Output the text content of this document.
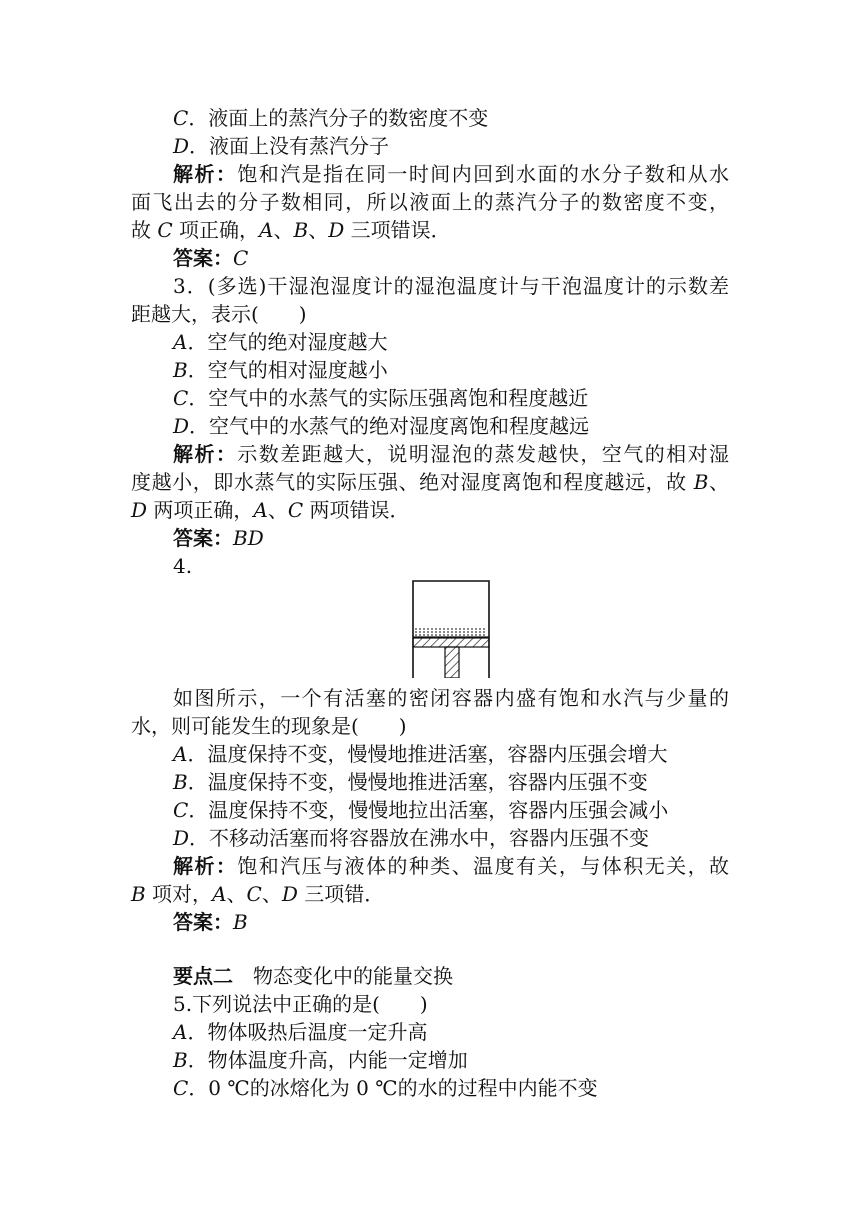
C．液面上的蒸汽分子的数密度不变
D．液面上没有蒸汽分子
解析：饱和汽是指在同一时间内回到水面的水分子数和从水
面飞出去的分子数相同，所以液面上的蒸汽分子的数密度不变，
故 C 项正确，A、B、D 三项错误．
答案：C
3．(多选)干湿泡湿度计的湿泡温度计与干泡温度计的示数差
距越大，表示(　　)
A．空气的绝对湿度越大
B．空气的相对湿度越小
C．空气中的水蒸气的实际压强离饱和程度越近
D．空气中的水蒸气的绝对湿度离饱和程度越远
解析：示数差距越大，说明湿泡的蒸发越快，空气的相对湿
度越小，即水蒸气的实际压强、绝对湿度离饱和程度越远，故 B、
D 两项正确，A、C 两项错误．
答案：BD
4.
如图所示，一个有活塞的密闭容器内盛有饱和水汽与少量的
水，则可能发生的现象是(　　)
A．温度保持不变，慢慢地推进活塞，容器内压强会增大
B．温度保持不变，慢慢地推进活塞，容器内压强不变
C．温度保持不变，慢慢地拉出活塞，容器内压强会减小
D．不移动活塞而将容器放在沸水中，容器内压强不变
解析：饱和汽压与液体的种类、温度有关，与体积无关，故
B 项对，A、C、D 三项错．
答案：B
要点二　 物态变化中的能量交换
5.下列说法中正确的是(　　)
A．物体吸热后温度一定升高
B．物体温度升高，内能一定增加
C．0 ℃的冰熔化为 0 ℃的水的过程中内能不变
